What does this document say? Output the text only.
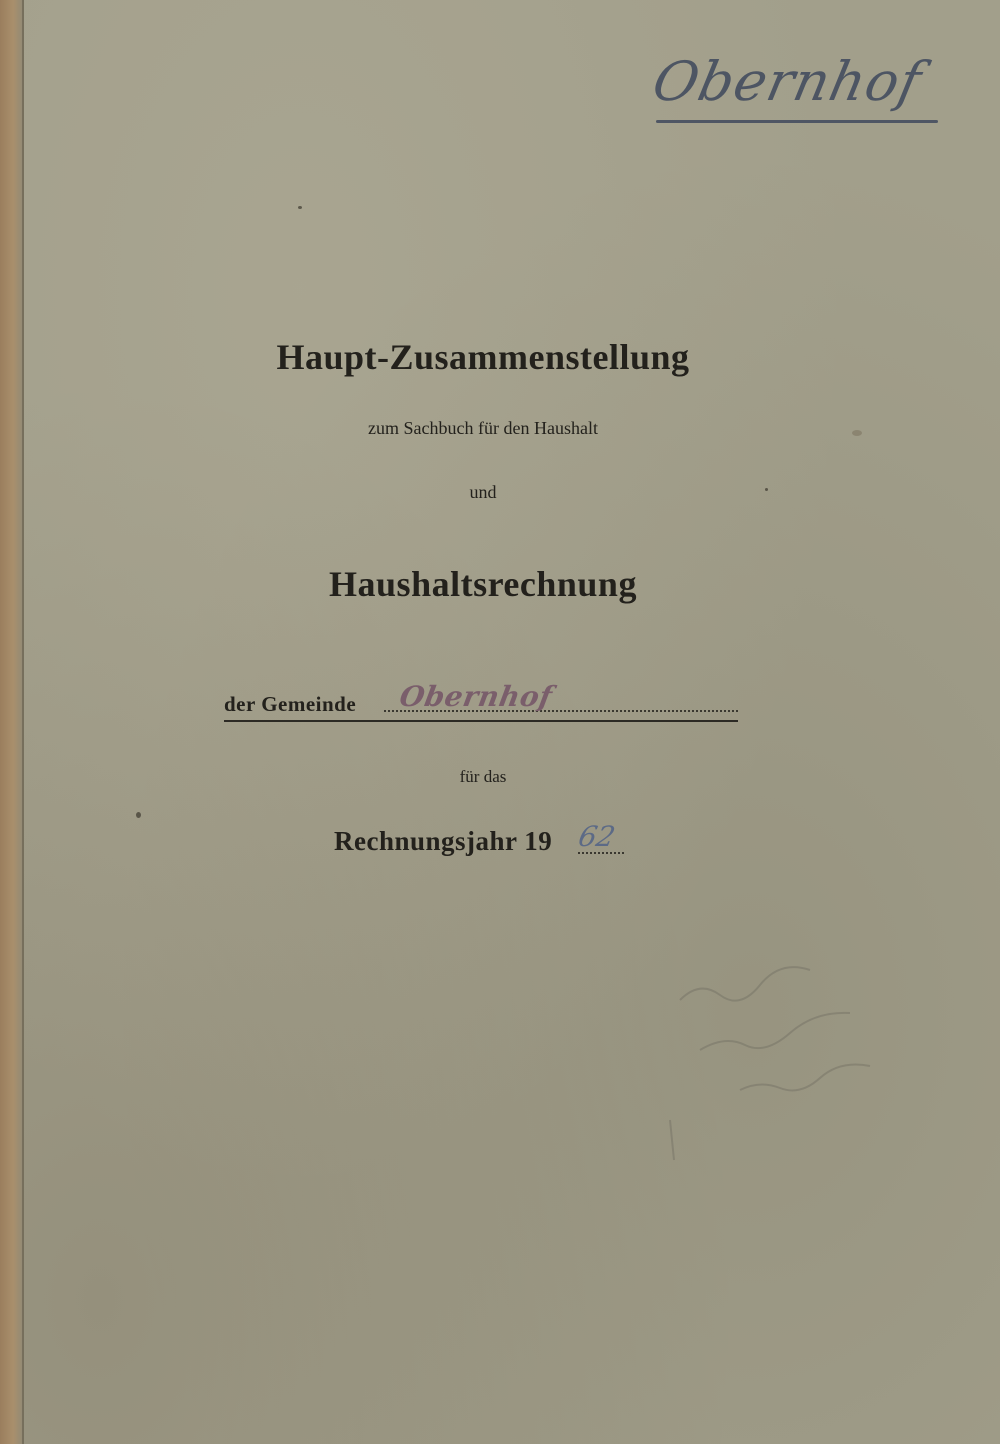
Obernhof
Haupt-Zusammenstellung
zum Sachbuch für den Haushalt
und
Haushaltsrechnung
der Gemeinde Obernhof
für das
Rechnungsjahr 19 62
